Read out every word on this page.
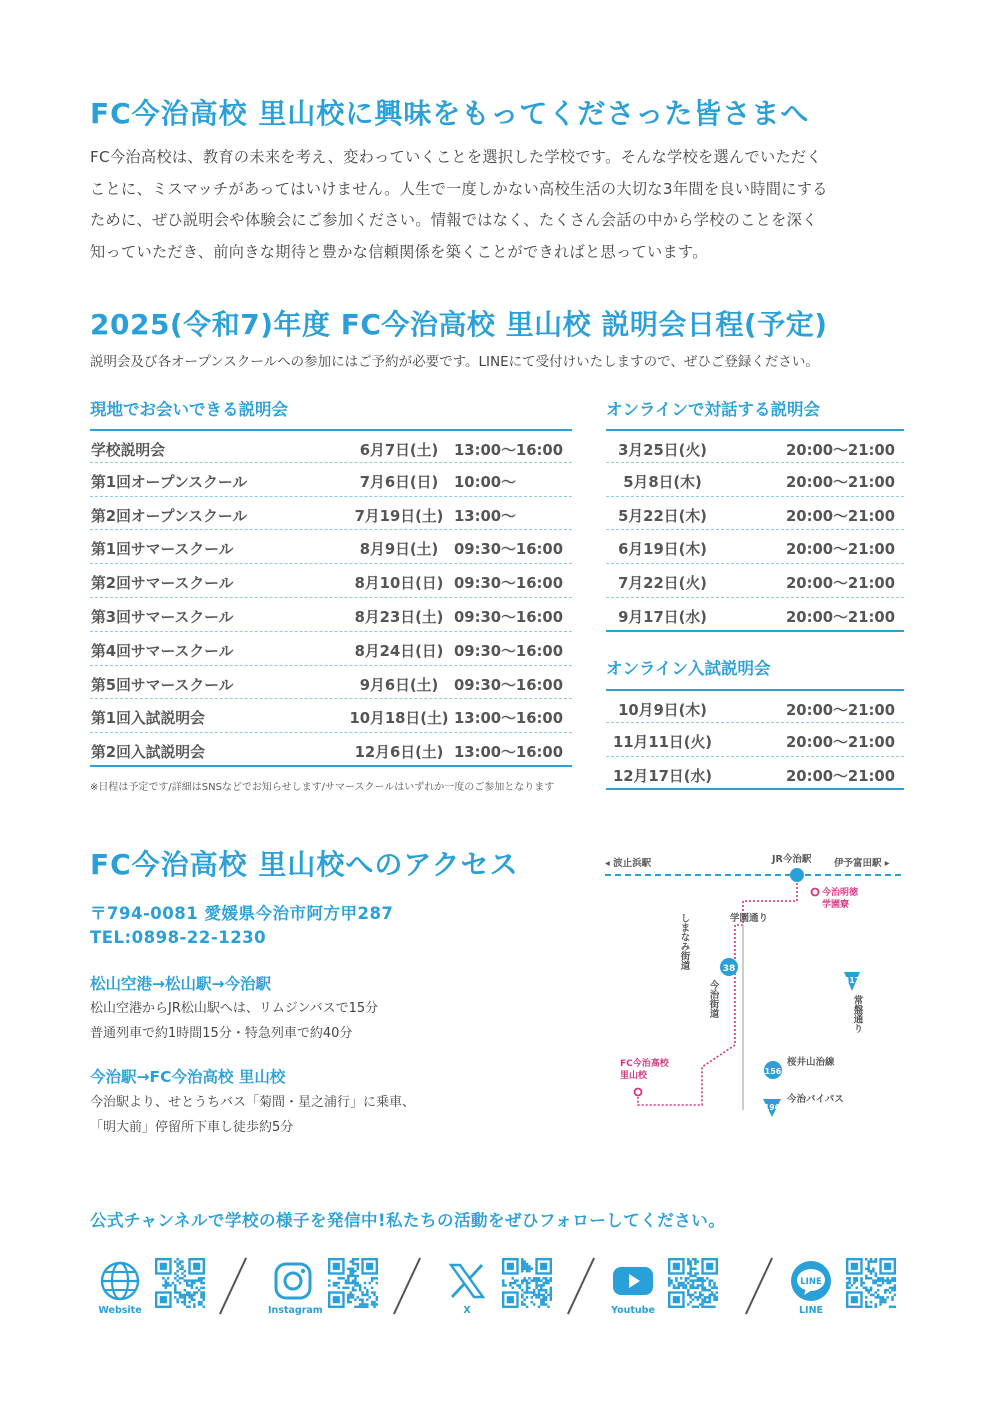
FC今治高校 里山校に興味をもってくださった皆さまへ
FC今治高校は、教育の未来を考え、変わっていくことを選択した学校です。そんな学校を選んでいただく
ことに、ミスマッチがあってはいけません。人生で一度しかない高校生活の大切な3年間を良い時間にする
ために、ぜひ説明会や体験会にご参加ください。情報ではなく、たくさん会話の中から学校のことを深く
知っていただき、前向きな期待と豊かな信頼関係を築くことができればと思っています。
2025(令和7)年度 FC今治高校 里山校 説明会日程(予定)
説明会及び各オープンスクールへの参加にはご予約が必要です。LINEにて受付けいたしますので、ぜひご登録ください。
現地でお会いできる説明会	オンラインで対話する説明会
学校説明会	6月7日(土)	13:00〜16:00
第1回オープンスクール	7月6日(日)	10:00〜
第2回オープンスクール	7月19日(土) 13:00〜
第1回サマースクール	8月9日(土)	09:30〜16:00
第2回サマースクール	8月10日(日) 09:30〜16:00
第3回サマースクール	8月23日(土) 09:30〜16:00
第4回サマースクール	8月24日(日) 09:30〜16:00
第5回サマースクール	9月6日(土)	09:30〜16:00
第1回入試説明会	10月18日(土) 13:00〜16:00
第2回入試説明会	12月6日(土) 13:00〜16:00
3月25日(火)	20:00〜21:00
5月8日(木)	20:00〜21:00
5月22日(木)	20:00〜21:00
6月19日(木)	20:00〜21:00
7月22日(火)	20:00〜21:00
9月17日(水)	20:00〜21:00
オンライン入試説明会
10月9日(木)	20:00〜21:00
11月11日(火)	20:00〜21:00
12月17日(水)	20:00〜21:00
※日程は予定です/詳細はSNSなどでお知らせします/サマースクールはいずれか一度のご参加となります
FC今治高校 里山校へのアクセス
〒794-0081 愛媛県今治市阿方甲287
TEL:0898-22-1230
松山空港→松山駅→今治駅
松山空港からJR松山駅へは、リムジンバスで15分
普通列車で約1時間15分・特急列車で約40分
今治駅→FC今治高校 里山校
今治駅より、せとうちバス「菊間・星之浦行」に乗車、
「明大前」停留所下車し徒歩約5分
◂ 波止浜駅	JR今治駅 伊予富田駅 ▸
今治明徳
学園寮
学園通り
しまなみ街道	38
今治街道	317
常盤通り
156
桜井山治線
196
今治バイパス
FC今治高校
里山校
公式チャンネルで学校の様子を発信中!私たちの活動をぜひフォローしてください。
Website	Instagram	X	Youtube
LINE
LINE
